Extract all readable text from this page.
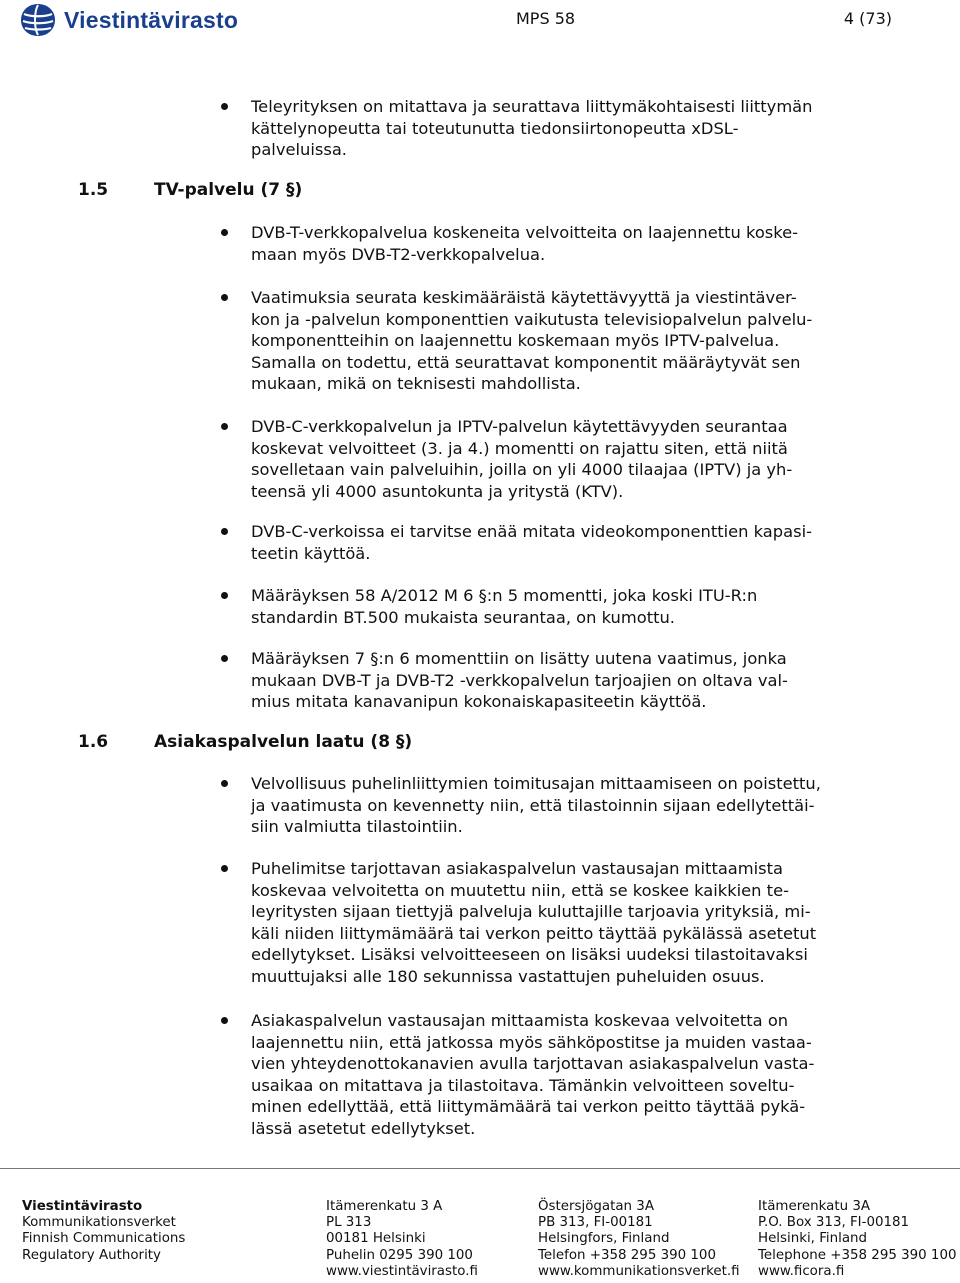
Viestintävirasto	MPS 58	4 (73)
Teleyrityksen on mitattava ja seurattava liittymäkohtaisesti liittymän
kättelynopeutta tai toteutunutta tiedonsiirtonopeutta xDSL-
palveluissa.
1.5	TV-palvelu (7 §)
DVB-T-verkkopalvelua koskeneita velvoitteita on laajennettu koske-
maan myös DVB-T2-verkkopalvelua.
Vaatimuksia seurata keskimääräistä käytettävyyttä ja viestintäver-
kon ja -palvelun komponenttien vaikutusta televisiopalvelun palvelu-
komponentteihin on laajennettu koskemaan myös IPTV-palvelua.
Samalla on todettu, että seurattavat komponentit määräytyvät sen
mukaan, mikä on teknisesti mahdollista.
DVB-C-verkkopalvelun ja IPTV-palvelun käytettävyyden seurantaa
koskevat velvoitteet (3. ja 4.) momentti on rajattu siten, että niitä
sovelletaan vain palveluihin, joilla on yli 4000 tilaajaa (IPTV) ja yh-
teensä yli 4000 asuntokunta ja yritystä (KTV).
DVB-C-verkoissa ei tarvitse enää mitata videokomponenttien kapasi-
teetin käyttöä.
Määräyksen 58 A/2012 M 6 §:n 5 momentti, joka koski ITU-R:n
standardin BT.500 mukaista seurantaa, on kumottu.
Määräyksen 7 §:n 6 momenttiin on lisätty uutena vaatimus, jonka
mukaan DVB-T ja DVB-T2 -verkkopalvelun tarjoajien on oltava val-
mius mitata kanavanipun kokonaiskapasiteetin käyttöä.
1.6	Asiakaspalvelun laatu (8 §)
Velvollisuus puhelinliittymien toimitusajan mittaamiseen on poistettu,
ja vaatimusta on kevennetty niin, että tilastoinnin sijaan edellytettäi-
siin valmiutta tilastointiin.
Puhelimitse tarjottavan asiakaspalvelun vastausajan mittaamista
koskevaa velvoitetta on muutettu niin, että se koskee kaikkien te-
leyritysten sijaan tiettyjä palveluja kuluttajille tarjoavia yrityksiä, mi-
käli niiden liittymämäärä tai verkon peitto täyttää pykälässä asetetut
edellytykset. Lisäksi velvoitteeseen on lisäksi uudeksi tilastoitavaksi
muuttujaksi alle 180 sekunnissa vastattujen puheluiden osuus.
Asiakaspalvelun vastausajan mittaamista koskevaa velvoitetta on
laajennettu niin, että jatkossa myös sähköpostitse ja muiden vastaa-
vien yhteydenottokanavien avulla tarjottavan asiakaspalvelun vasta-
usaikaa on mitattava ja tilastoitava. Tämänkin velvoitteen soveltu-
minen edellyttää, että liittymämäärä tai verkon peitto täyttää pykä-
lässä asetetut edellytykset.
Viestintävirasto
Kommunikationsverket
Finnish Communications
Regulatory Authority
Itämerenkatu 3 A
PL 313
00181 Helsinki
Puhelin 0295 390 100
www.viestintävirasto.fi
Östersjögatan 3A
PB 313, FI-00181
Helsingfors, Finland
Telefon +358 295 390 100
www.kommunikationsverket.fi
Itämerenkatu 3A
P.O. Box 313, FI-00181
Helsinki, Finland
Telephone +358 295 390 100
www.ficora.fi
